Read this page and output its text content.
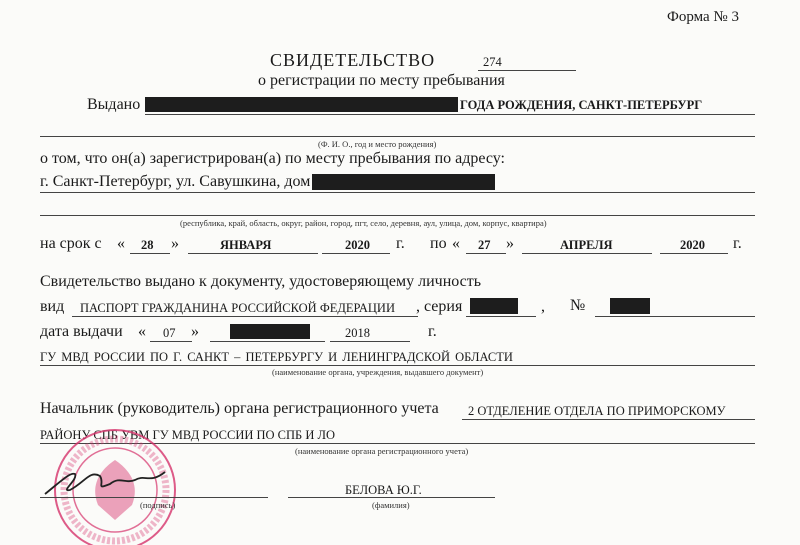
Форма № 3
СВИДЕТЕЛЬСТВО	274
о регистрации по месту пребывания
Выдано	ГОДА РОЖДЕНИЯ, САНКТ-ПЕТЕРБУРГ
(Ф. И. О., год и место рождения)
о том, что он(а) зарегистрирован(а) по месту пребывания по адресу:
г. Санкт-Петербург, ул. Савушкина, дом
(республика, край, область, округ, район, город, пгт, село, деревня, аул, улица, дом, корпус, квартира)
на срок с « 28 »	ЯНВАРЯ	2020 г. по « 27 »	АПРЕЛЯ	2020 г.
Свидетельство выдано к документу, удостоверяющему личность
вид ПАСПОРТ ГРАЖДАНИНА РОССИЙСКОЙ ФЕДЕРАЦИИ , серия	, №
дата выдачи « 07 »	2018	г.
ГУ МВД РОССИИ ПО Г. САНКТ – ПЕТЕРБУРГУ И ЛЕНИНГРАДСКОЙ ОБЛАСТИ
(наименование органа, учреждения, выдавшего документ)
Начальник (руководитель) органа регистрационного учета 2 ОТДЕЛЕНИЕ ОТДЕЛА ПО ПРИМОРСКОМУ
РАЙОНУ СПБ УВМ ГУ МВД РОССИИ ПО СПБ И ЛО
(наименование органа регистрационного учета)
(подпись)
БЕЛОВА Ю.Г.
(фамилия)
